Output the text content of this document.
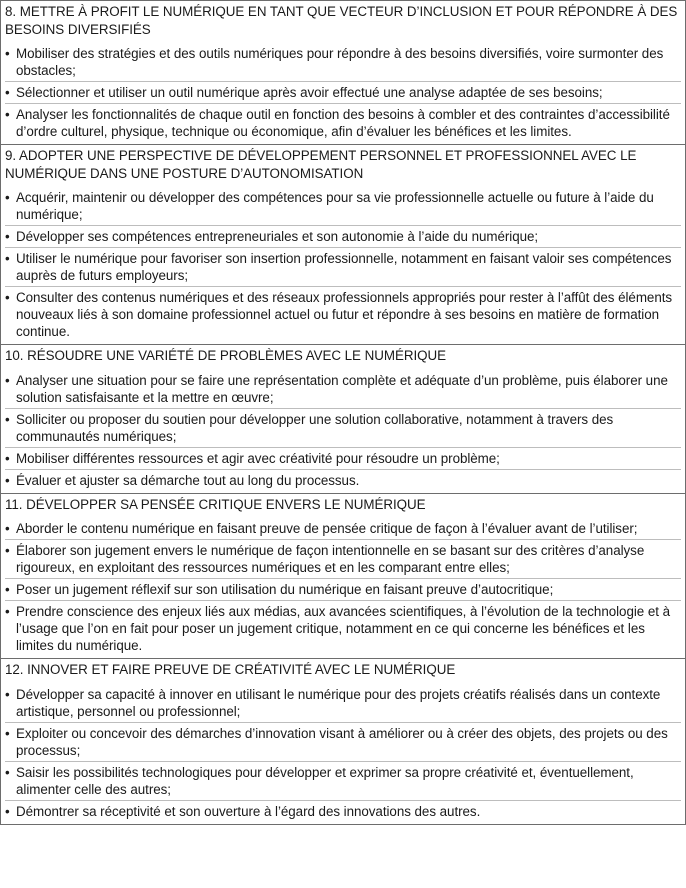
8. METTRE À PROFIT LE NUMÉRIQUE EN TANT QUE VECTEUR D’INCLUSION ET POUR RÉPONDRE À DES BESOINS DIVERSIFIÉS
• Mobiliser des stratégies et des outils numériques pour répondre à des besoins diversifiés, voire surmonter des obstacles;
• Sélectionner et utiliser un outil numérique après avoir effectué une analyse adaptée de ses besoins;
• Analyser les fonctionnalités de chaque outil en fonction des besoins à combler et des contraintes d’accessibilité d’ordre culturel, physique, technique ou économique, afin d’évaluer les bénéfices et les limites.
9. ADOPTER UNE PERSPECTIVE DE DÉVELOPPEMENT PERSONNEL ET PROFESSIONNEL AVEC LE NUMÉRIQUE DANS UNE POSTURE D’AUTONOMISATION
• Acquérir, maintenir ou développer des compétences pour sa vie professionnelle actuelle ou future à l’aide du numérique;
• Développer ses compétences entrepreneuriales et son autonomie à l’aide du numérique;
• Utiliser le numérique pour favoriser son insertion professionnelle, notamment en faisant valoir ses compétences auprès de futurs employeurs;
• Consulter des contenus numériques et des réseaux professionnels appropriés pour rester à l’affût des éléments nouveaux liés à son domaine professionnel actuel ou futur et répondre à ses besoins en matière de formation continue.
10. RÉSOUDRE UNE VARIÉTÉ DE PROBLÈMES AVEC LE NUMÉRIQUE
• Analyser une situation pour se faire une représentation complète et adéquate d’un problème, puis élaborer une solution satisfaisante et la mettre en œuvre;
• Solliciter ou proposer du soutien pour développer une solution collaborative, notamment à travers des communautés numériques;
• Mobiliser différentes ressources et agir avec créativité pour résoudre un problème;
• Évaluer et ajuster sa démarche tout au long du processus.
11. DÉVELOPPER SA PENSÉE CRITIQUE ENVERS LE NUMÉRIQUE
• Aborder le contenu numérique en faisant preuve de pensée critique de façon à l’évaluer avant de l’utiliser;
• Élaborer son jugement envers le numérique de façon intentionnelle en se basant sur des critères d’analyse rigoureux, en exploitant des ressources numériques et en les comparant entre elles;
• Poser un jugement réflexif sur son utilisation du numérique en faisant preuve d’autocritique;
• Prendre conscience des enjeux liés aux médias, aux avancées scientifiques, à l’évolution de la technologie et à l’usage que l’on en fait pour poser un jugement critique, notamment en ce qui concerne les bénéfices et les limites du numérique.
12. INNOVER ET FAIRE PREUVE DE CRÉATIVITÉ AVEC LE NUMÉRIQUE
• Développer sa capacité à innover en utilisant le numérique pour des projets créatifs réalisés dans un contexte artistique, personnel ou professionnel;
• Exploiter ou concevoir des démarches d’innovation visant à améliorer ou à créer des objets, des projets ou des processus;
• Saisir les possibilités technologiques pour développer et exprimer sa propre créativité et, éventuellement, alimenter celle des autres;
• Démontrer sa réceptivité et son ouverture à l’égard des innovations des autres.
